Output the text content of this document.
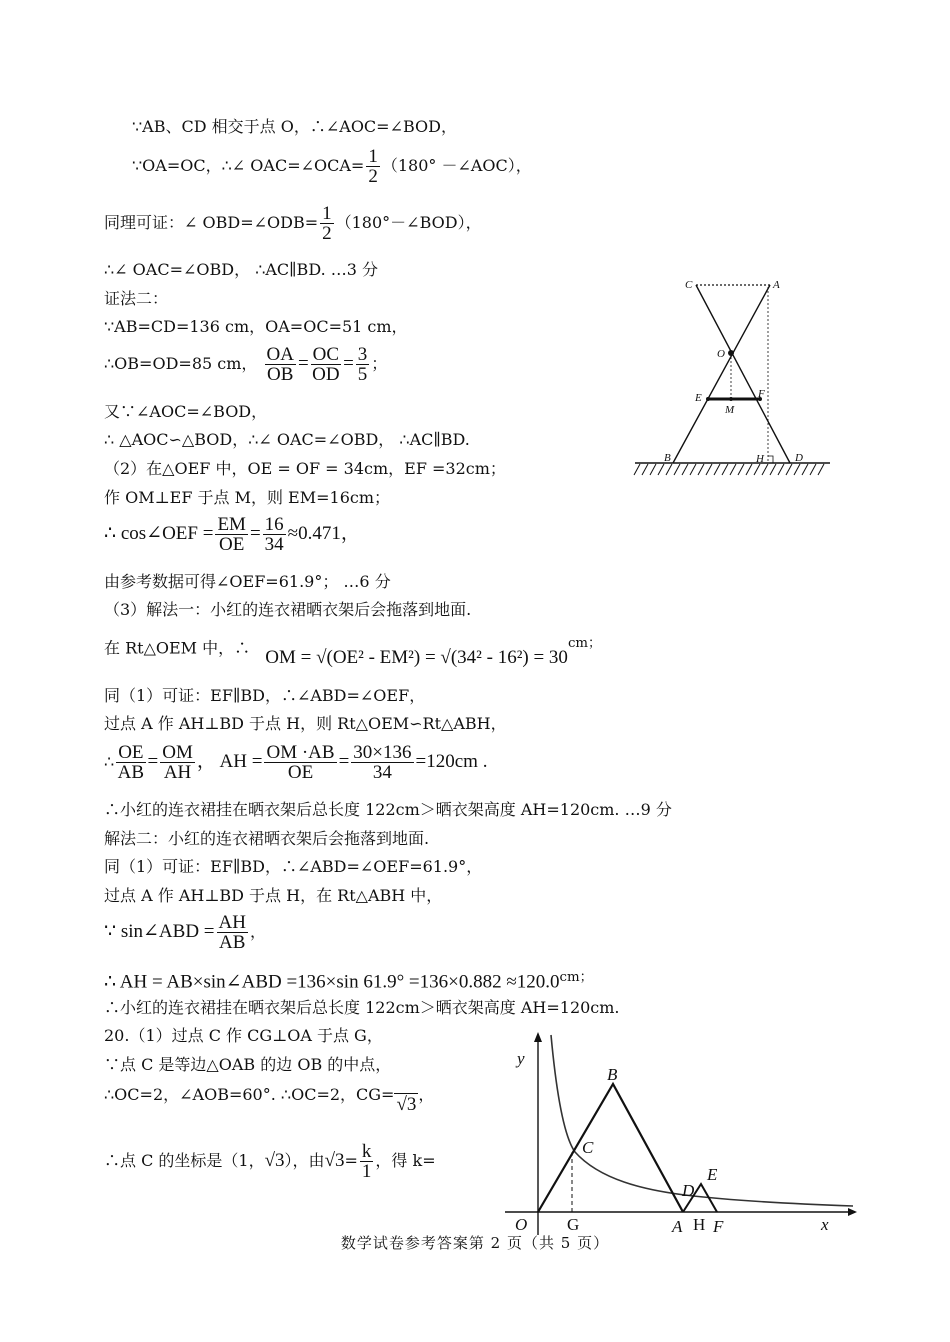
∵AB、CD 相交于点 O，∴∠AOC=∠BOD，
∵OA=OC，∴∠ OAC=∠OCA= $\frac{1}{2} (180^\circ$ －∠AOC），
同理可证：∠ OBD=∠ODB= $\frac{1}{2}$ （180°－∠BOD），
∴∠ OAC=∠OBD， ∴AC∥BD. …3 分
证法二：
∵AB=CD=136 cm，OA=OC=51 cm，
∴OB=OD=85 cm， $\frac{OA}{OB} = \frac{OC}{OD} = \frac{3}{5}$ ；
又∵∠AOC=∠BOD，
∴ △AOC∽△BOD，∴∠ OAC=∠OBD， ∴AC∥BD.
（2）在△OEF 中，OE = OF = 34cm，EF =32cm；
作 OM⊥EF 于点 M，则 EM=16cm；
∴ cos∠OEF = $\frac{EM}{OE} = \frac{16}{34} \approx 0.471$，
由参考数据可得∠OEF=61.9°； …6 分
（3）解法一：小红的连衣裙晒衣架后会拖落到地面.
在 Rt△OEM 中，∴ OM = $√(OE^2 - EM^2) = √(34^2 - 16^2) = 30^{cm;}$
同（1）可证：EF∥BD，∴∠ABD=∠OEF，
过点 A 作 AH⊥BD 于点 H，则 Rt△OEM∽Rt△ABH，
∴ $\frac{OE}{AB} = \frac{OM}{AH}$ ， AH = $\frac{OM \cdot AB}{OE} = \frac{30\times 136}{34} =120cm$ .
∴小红的连衣裙挂在晒衣架后总长度 122cm＞晒衣架高度 AH=120cm. …9 分
解法二：小红的连衣裙晒衣架后会拖落到地面.
同（1）可证：EF∥BD，∴∠ABD=∠OEF=61.9°，
过点 A 作 AH⊥BD 于点 H，在 Rt△ABH 中，
∵ sin∠ABD = $\frac{AH}{AB}$ ，
∴ AH = AB×sin∠ABD =136×sin $61.9^\circ =136\times 0.882 \approx 120.0^{cm;}$
∴小红的连衣裙挂在晒衣架后总长度 122cm＞晒衣架高度 AH=120cm.
20.（1）过点 C 作 CG⊥OA 于点 G，
∵点 C 是等边△OAB 的边 OB 的中点，
∴OC=2，∠AOB=60°. ∴OC=2，CG= √3 ，
∴点 C 的坐标是（1，√3），由$√3= \frac{k}{1}$ ，得 k=
C	A
O
E	F
M
B	H	D
y
x
O
B
C
D
E
A F
G	H
数学试卷参考答案第 2 页（共 5 页）
